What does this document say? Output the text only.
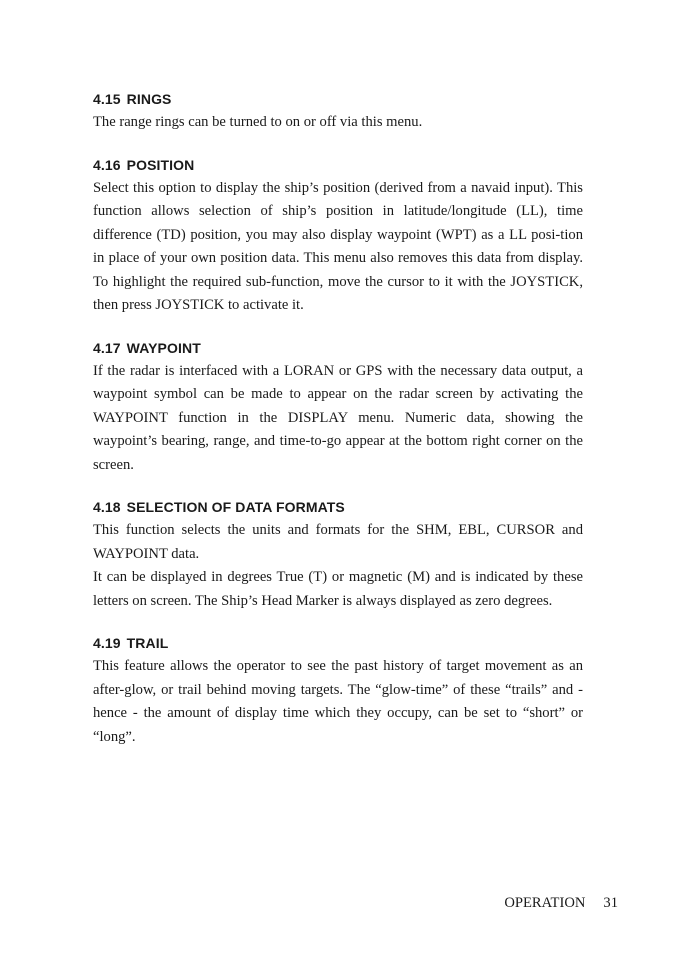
4.15 RINGS

The range rings can be turned to on or off via this menu.

4.16 POSITION

Select this option to display the ship’s position (derived from a navaid input). This function allows selection of ship’s position in latitude/longitude (LL), time difference (TD) position, you may also display waypoint (WPT) as a LL posi-tion in place of your own position data. This menu also removes this data from display. To highlight the required sub-function, move the cursor to it with the JOYSTICK, then press JOYSTICK to activate it.

4.17 WAYPOINT

If the radar is interfaced with a LORAN or GPS with the necessary data output, a waypoint symbol can be made to appear on the radar screen by activating the WAYPOINT function in the DISPLAY menu. Numeric data, showing the waypoint’s bearing, range, and time-to-go appear at the bottom right corner on the screen.

4.18 SELECTION OF DATA FORMATS

This function selects the units and formats for the SHM, EBL, CURSOR and WAYPOINT data.

It can be displayed in degrees True (T) or magnetic (M) and is indicated by these letters on screen. The Ship’s Head Marker is always displayed as zero degrees.

4.19 TRAIL

This feature allows the operator to see the past history of target movement as an after-glow, or trail behind moving targets. The “glow-time” of these “trails” and - hence - the amount of display time which they occupy, can be set to “short” or “long”.

OPERATION 31
